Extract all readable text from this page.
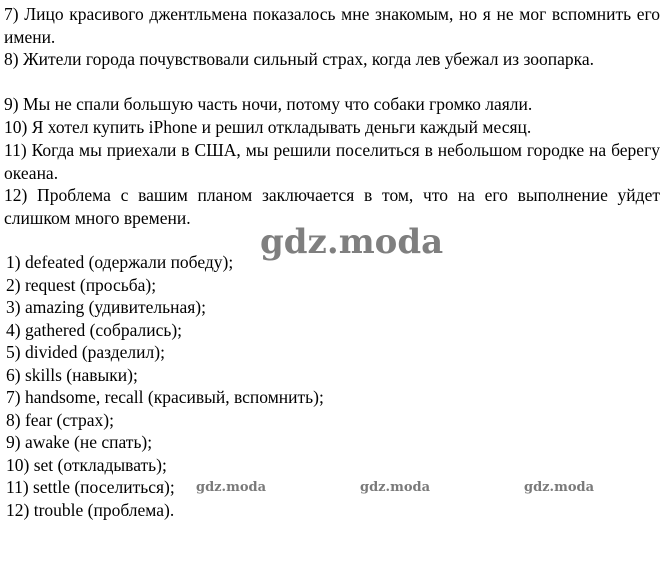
7) Лицо красивого джентльмена показалось мне знакомым, но я не мог вспомнить его имени.

8) Жители города почувствовали сильный страх, когда лев убежал из зоопарка.

9) Мы не спали большую часть ночи, потому что собаки громко лаяли.

10) Я хотел купить iPhone и решил откладывать деньги каждый месяц.

11) Когда мы приехали в США, мы решили поселиться в небольшом городке на берегу океана.

12) Проблема с вашим планом заключается в том, что на его выполнение уйдет слишком много времени.

1) defeated (одержали победу);
2) request (просьба);
3) amazing (удивительная);
4) gathered (собрались);
5) divided (разделил);
6) skills (навыки);
7) handsome, recall (красивый, вспомнить);
8) fear (страх);
9) awake (не спать);
10) set (откладывать);
11) settle (поселиться);
12) trouble (проблема).
gdz.moda
gdz.moda	gdz.moda	gdz.moda
